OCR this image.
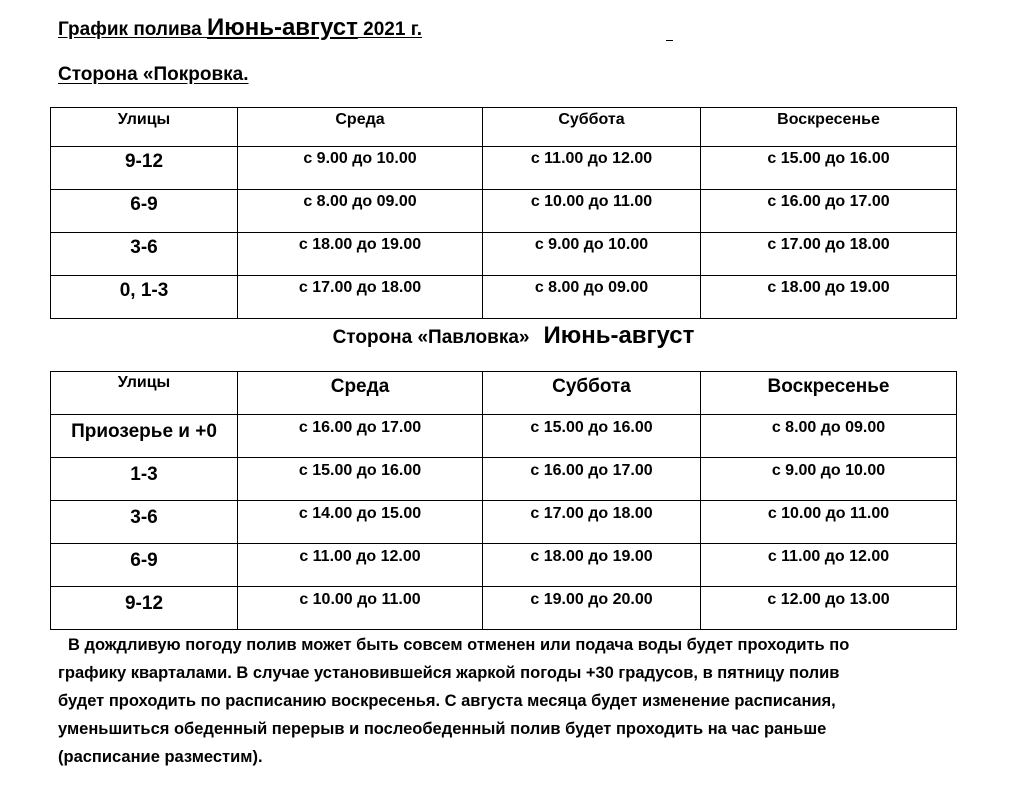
График полива Июнь-август 2021 г.
Сторона «Покровка.
Улицы	Среда	Суббота	Воскресенье
9-12	с 9.00 до 10.00	с 11.00 до 12.00	с 15.00 до 16.00
6-9	с 8.00 до 09.00	с 10.00 до 11.00	с 16.00 до 17.00
3-6	с 18.00 до 19.00	с 9.00 до 10.00	с 17.00 до 18.00
0, 1-3	с 17.00 до 18.00	с 8.00 до 09.00	с 18.00 до 19.00
Сторона «Павловка» Июнь-август
Улицы	Среда	Суббота	Воскресенье
Приозерье и +0	с 16.00 до 17.00	с 15.00 до 16.00	с 8.00 до 09.00
1-3	с 15.00 до 16.00	с 16.00 до 17.00	с 9.00 до 10.00
3-6	с 14.00 до 15.00	с 17.00 до 18.00	с 10.00 до 11.00
6-9	с 11.00 до 12.00	с 18.00 до 19.00	с 11.00 до 12.00
9-12	с 10.00 до 11.00	с 19.00 до 20.00	с 12.00 до 13.00

В дождливую погоду полив может быть совсем отменен или подача воды будет проходить по

графику кварталами. В случае установившейся жаркой погоды +30 градусов, в пятницу полив

будет проходить по расписанию воскресенья. С августа месяца будет изменение расписания,

уменьшиться обеденный перерыв и послеобеденный полив будет проходить на час раньше

(расписание разместим).
